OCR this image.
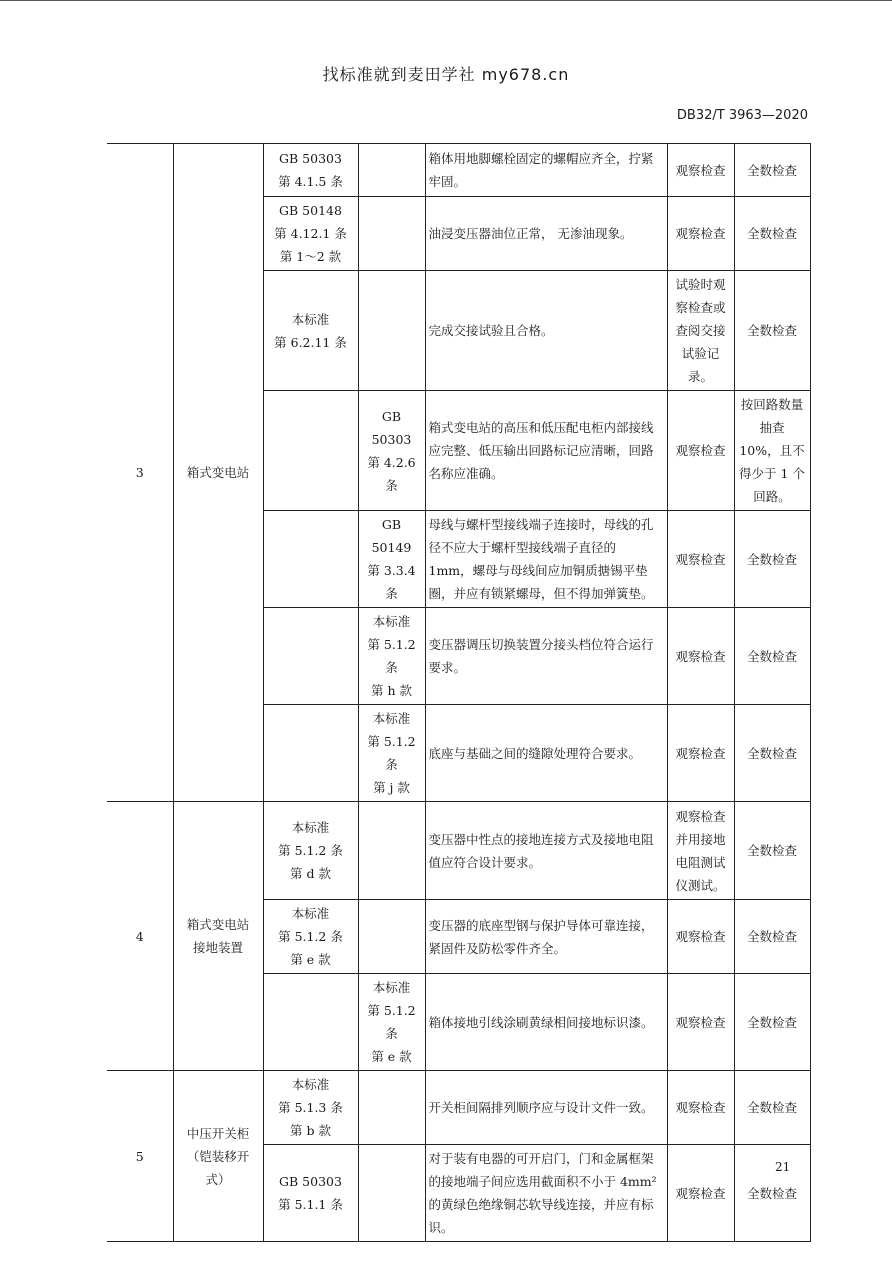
找标准就到麦田学社 my678.cn
DB32/T 3963—2020
3	箱式变电站	GB 50303
第 4.1.5 条		箱体用地脚螺栓固定的螺帽应齐全，拧紧牢固。	观察检查	全数检查
		GB 50148
第 4.12.1 条
第 1～2 款		油浸变压器油位正常， 无渗油现象。	观察检查	全数检查
		本标准
第 6.2.11 条		完成交接试验且合格。	试验时观察检查或查阅交接试验记录。	全数检查
			GB 50303
第 4.2.6 条	箱式变电站的高压和低压配电柜内部接线应完整、低压输出回路标记应清晰，回路名称应准确。	观察检查	按回路数量抽查 10%，且不得少于 1 个回路。
			GB 50149
第 3.3.4 条	母线与螺杆型接线端子连接时，母线的孔径不应大于螺杆型接线端子直径的 1mm，螺母与母线间应加铜质搪锡平垫圈，并应有锁紧螺母，但不得加弹簧垫。	观察检查	全数检查
			本标准
第 5.1.2 条
第 h 款	变压器调压切换装置分接头档位符合运行要求。	观察检查	全数检查
			本标准
第 5.1.2 条
第 j 款	底座与基础之间的缝隙处理符合要求。	观察检查	全数检查
4	箱式变电站
接地装置	本标准
第 5.1.2 条
第 d 款		变压器中性点的接地连接方式及接地电阻值应符合设计要求。	观察检查并用接地电阻测试仪测试。	全数检查
		本标准
第 5.1.2 条
第 e 款		变压器的底座型钢与保护导体可靠连接，紧固件及防松零件齐全。	观察检查	全数检查
			本标准
第 5.1.2 条
第 e 款	箱体接地引线涂刷黄绿相间接地标识漆。	观察检查	全数检查
5	中压开关柜
（铠装移开式）	本标准
第 5.1.3 条
第 b 款		开关柜间隔排列顺序应与设计文件一致。	观察检查	全数检查
		GB 50303
第 5.1.1 条		对于装有电器的可开启门，门和金属框架的接地端子间应选用截面积不小于 4mm² 的黄绿色绝缘铜芯软导线连接，并应有标识。	观察检查	全数检查
21
